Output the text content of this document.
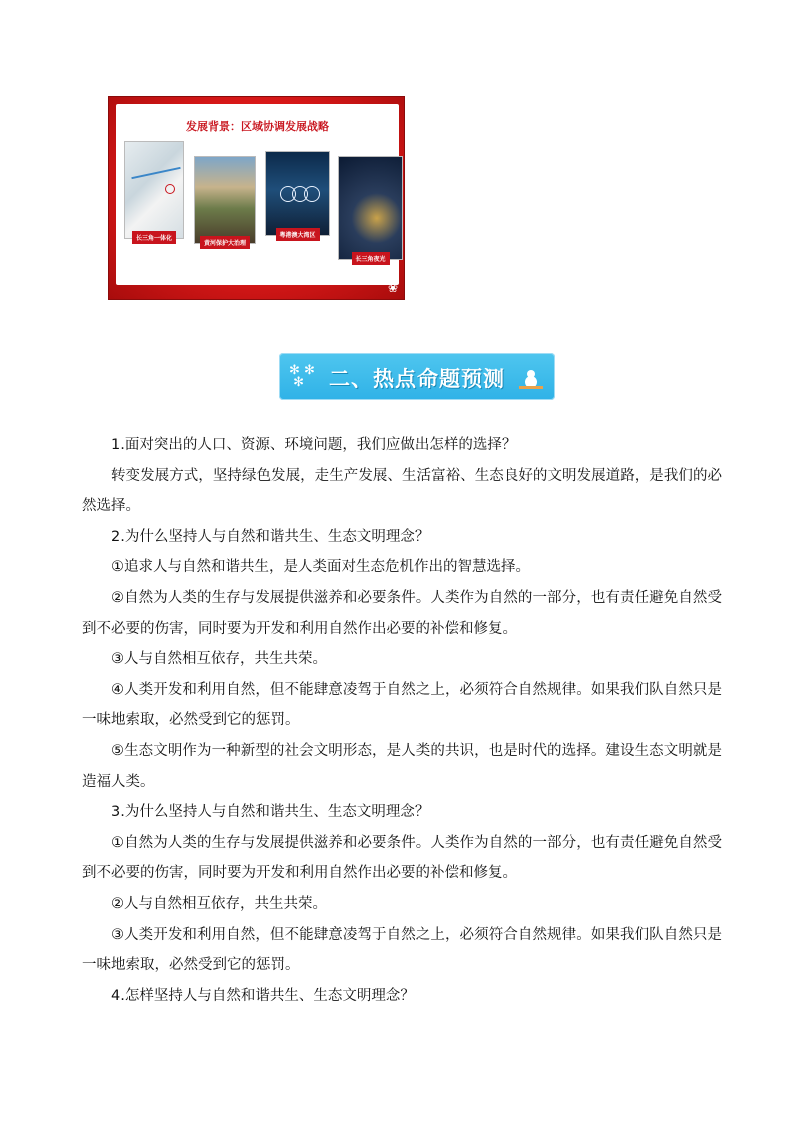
发展背景：区域协调发展战略
长三角一体化
黄河保护大治理
粤港澳大湾区
长三角夜光
❀
✻ ✻
✻	二、热点命题预测

1.面对突出的人口、资源、环境问题，我们应做出怎样的选择？

转变发展方式，坚持绿色发展，走生产发展、生活富裕、生态良好的文明发展道路，是我们的必然选择。

2.为什么坚持人与自然和谐共生、生态文明理念？

①追求人与自然和谐共生，是人类面对生态危机作出的智慧选择。

②自然为人类的生存与发展提供滋养和必要条件。人类作为自然的一部分，也有责任避免自然受到不必要的伤害，同时要为开发和利用自然作出必要的补偿和修复。

③人与自然相互依存，共生共荣。

④人类开发和利用自然，但不能肆意凌驾于自然之上，必须符合自然规律。如果我们队自然只是一味地索取，必然受到它的惩罚。

⑤生态文明作为一种新型的社会文明形态，是人类的共识，也是时代的选择。建设生态文明就是造福人类。

3.为什么坚持人与自然和谐共生、生态文明理念？

①自然为人类的生存与发展提供滋养和必要条件。人类作为自然的一部分，也有责任避免自然受到不必要的伤害，同时要为开发和利用自然作出必要的补偿和修复。

②人与自然相互依存，共生共荣。

③人类开发和利用自然，但不能肆意凌驾于自然之上，必须符合自然规律。如果我们队自然只是一味地索取，必然受到它的惩罚。

4.怎样坚持人与自然和谐共生、生态文明理念？
